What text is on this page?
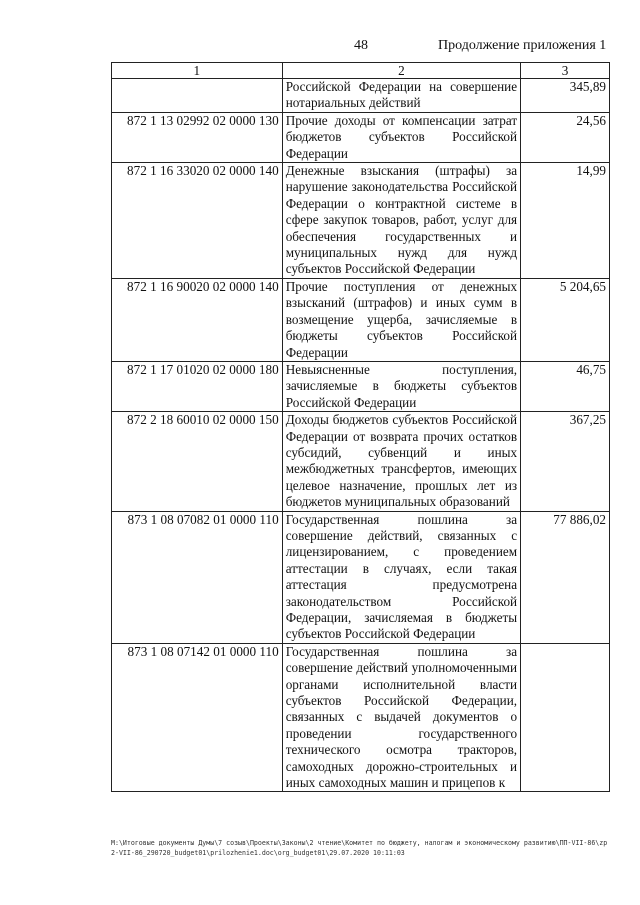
48	Продолжение приложения 1
1	2	3
	Российской Федерации на совершение нотариальных действий	345,89
872 1 13 02992 02 0000 130	Прочие доходы от компенсации затрат бюджетов субъектов Российской Федерации	24,56
872 1 16 33020 02 0000 140	Денежные взыскания (штрафы) за нарушение законодательства Российской Федерации о контрактной системе в сфере закупок товаров, работ, услуг для обеспечения государственных и муниципальных нужд для нужд субъектов Российской Федерации	14,99
872 1 16 90020 02 0000 140	Прочие поступления от денежных взысканий (штрафов) и иных сумм в возмещение ущерба, зачисляемые в бюджеты субъектов Российской Федерации	5 204,65
872 1 17 01020 02 0000 180	Невыясненные поступления, зачисляемые в бюджеты субъектов Российской Федерации	46,75
872 2 18 60010 02 0000 150	Доходы бюджетов субъектов Российской Федерации от возврата прочих остатков субсидий, субвенций и иных межбюджетных трансфертов, имеющих целевое назначение, прошлых лет из бюджетов муниципальных образований	367,25
873 1 08 07082 01 0000 110	Государственная пошлина за совершение действий, связанных с лицензированием, с проведением аттестации в случаях, если такая аттестация предусмотрена законодательством Российской Федерации, зачисляемая в бюджеты субъектов Российской Федерации	77 886,02
873 1 08 07142 01 0000 110	Государственная пошлина за совершение действий уполномоченными органами исполнительной власти субъектов Российской Федерации, связанных с выдачей документов о проведении государственного технического осмотра тракторов, самоходных дорожно-строительных и иных самоходных машин и прицепов к	
M:\Итоговые документы Думы\7 созыв\Проекты\Законы\2 чтение\Комитет по бюджету, налогам и экономическому развитию\ПП-VII-86\zp2-VII-86_290720_budget01\prilozhenie1.doc\org_budget01\29.07.2020 10:11:03
